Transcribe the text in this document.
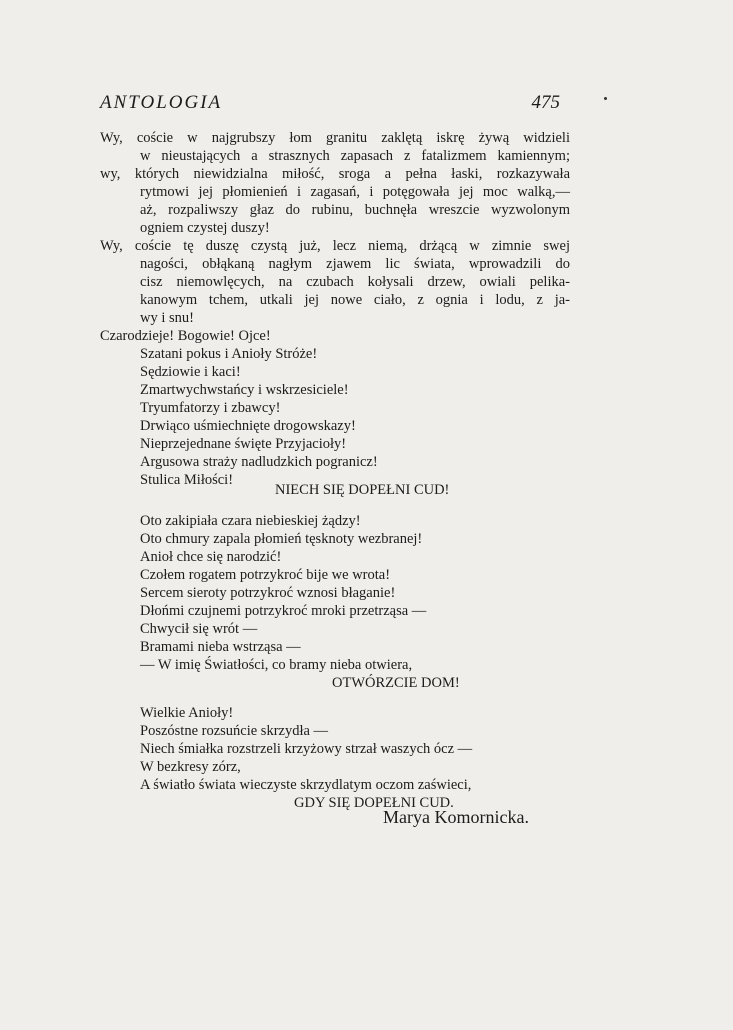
ANTOLOGIA	475
Wy, coście w najgrubszy łom granitu zaklętą iskrę żywą widzieli
w nieustających a strasznych zapasach z fatalizmem kamiennym;
wy, których niewidzialna miłość, sroga a pełna łaski, rozkazywała
rytmowi jej płomienień i zagasań, i potęgowała jej moc walką,—
aż, rozpaliwszy głaz do rubinu, buchnęła wreszcie wyzwolonym
ogniem czystej duszy!
Wy, coście tę duszę czystą już, lecz niemą, drżącą w zimnie swej
nagości, obłąkaną nagłym zjawem lic świata, wprowadzili do
cisz niemowlęcych, na czubach kołysali drzew, owiali pelika-
kanowym tchem, utkali jej nowe ciało, z ognia i lodu, z ja-
wy i snu!
Czarodzieje! Bogowie! Ojce!
Szatani pokus i Anioły Stróże!
Sędziowie i kaci!
Zmartwychwstańcy i wskrzesiciele!
Tryumfatorzy i zbawcy!
Drwiąco uśmiechnięte drogowskazy!
Nieprzejednane święte Przyjacioły!
Argusowa straży nadludzkich pogranicz!
Stulica Miłości!
NIECH SIĘ DOPEŁNI CUD!
Oto zakipiała czara niebieskiej żądzy!
Oto chmury zapala płomień tęsknoty wezbranej!
Anioł chce się narodzić!
Czołem rogatem potrzykroć bije we wrota!
Sercem sieroty potrzykroć wznosi błaganie!
Dłońmi czujnemi potrzykroć mroki przetrząsa —
Chwycił się wrót —
Bramami nieba wstrząsa —
— W imię Światłości, co bramy nieba otwiera,
OTWÓRZCIE DOM!
Wielkie Anioły!
Poszóstne rozsuńcie skrzydła —
Niech śmiałka rozstrzeli krzyżowy strzał waszych ócz —
W bezkresy zórz,
A światło świata wieczyste skrzydlatym oczom zaświeci,
GDY SIĘ DOPEŁNI CUD.
Marya Komornicka.
